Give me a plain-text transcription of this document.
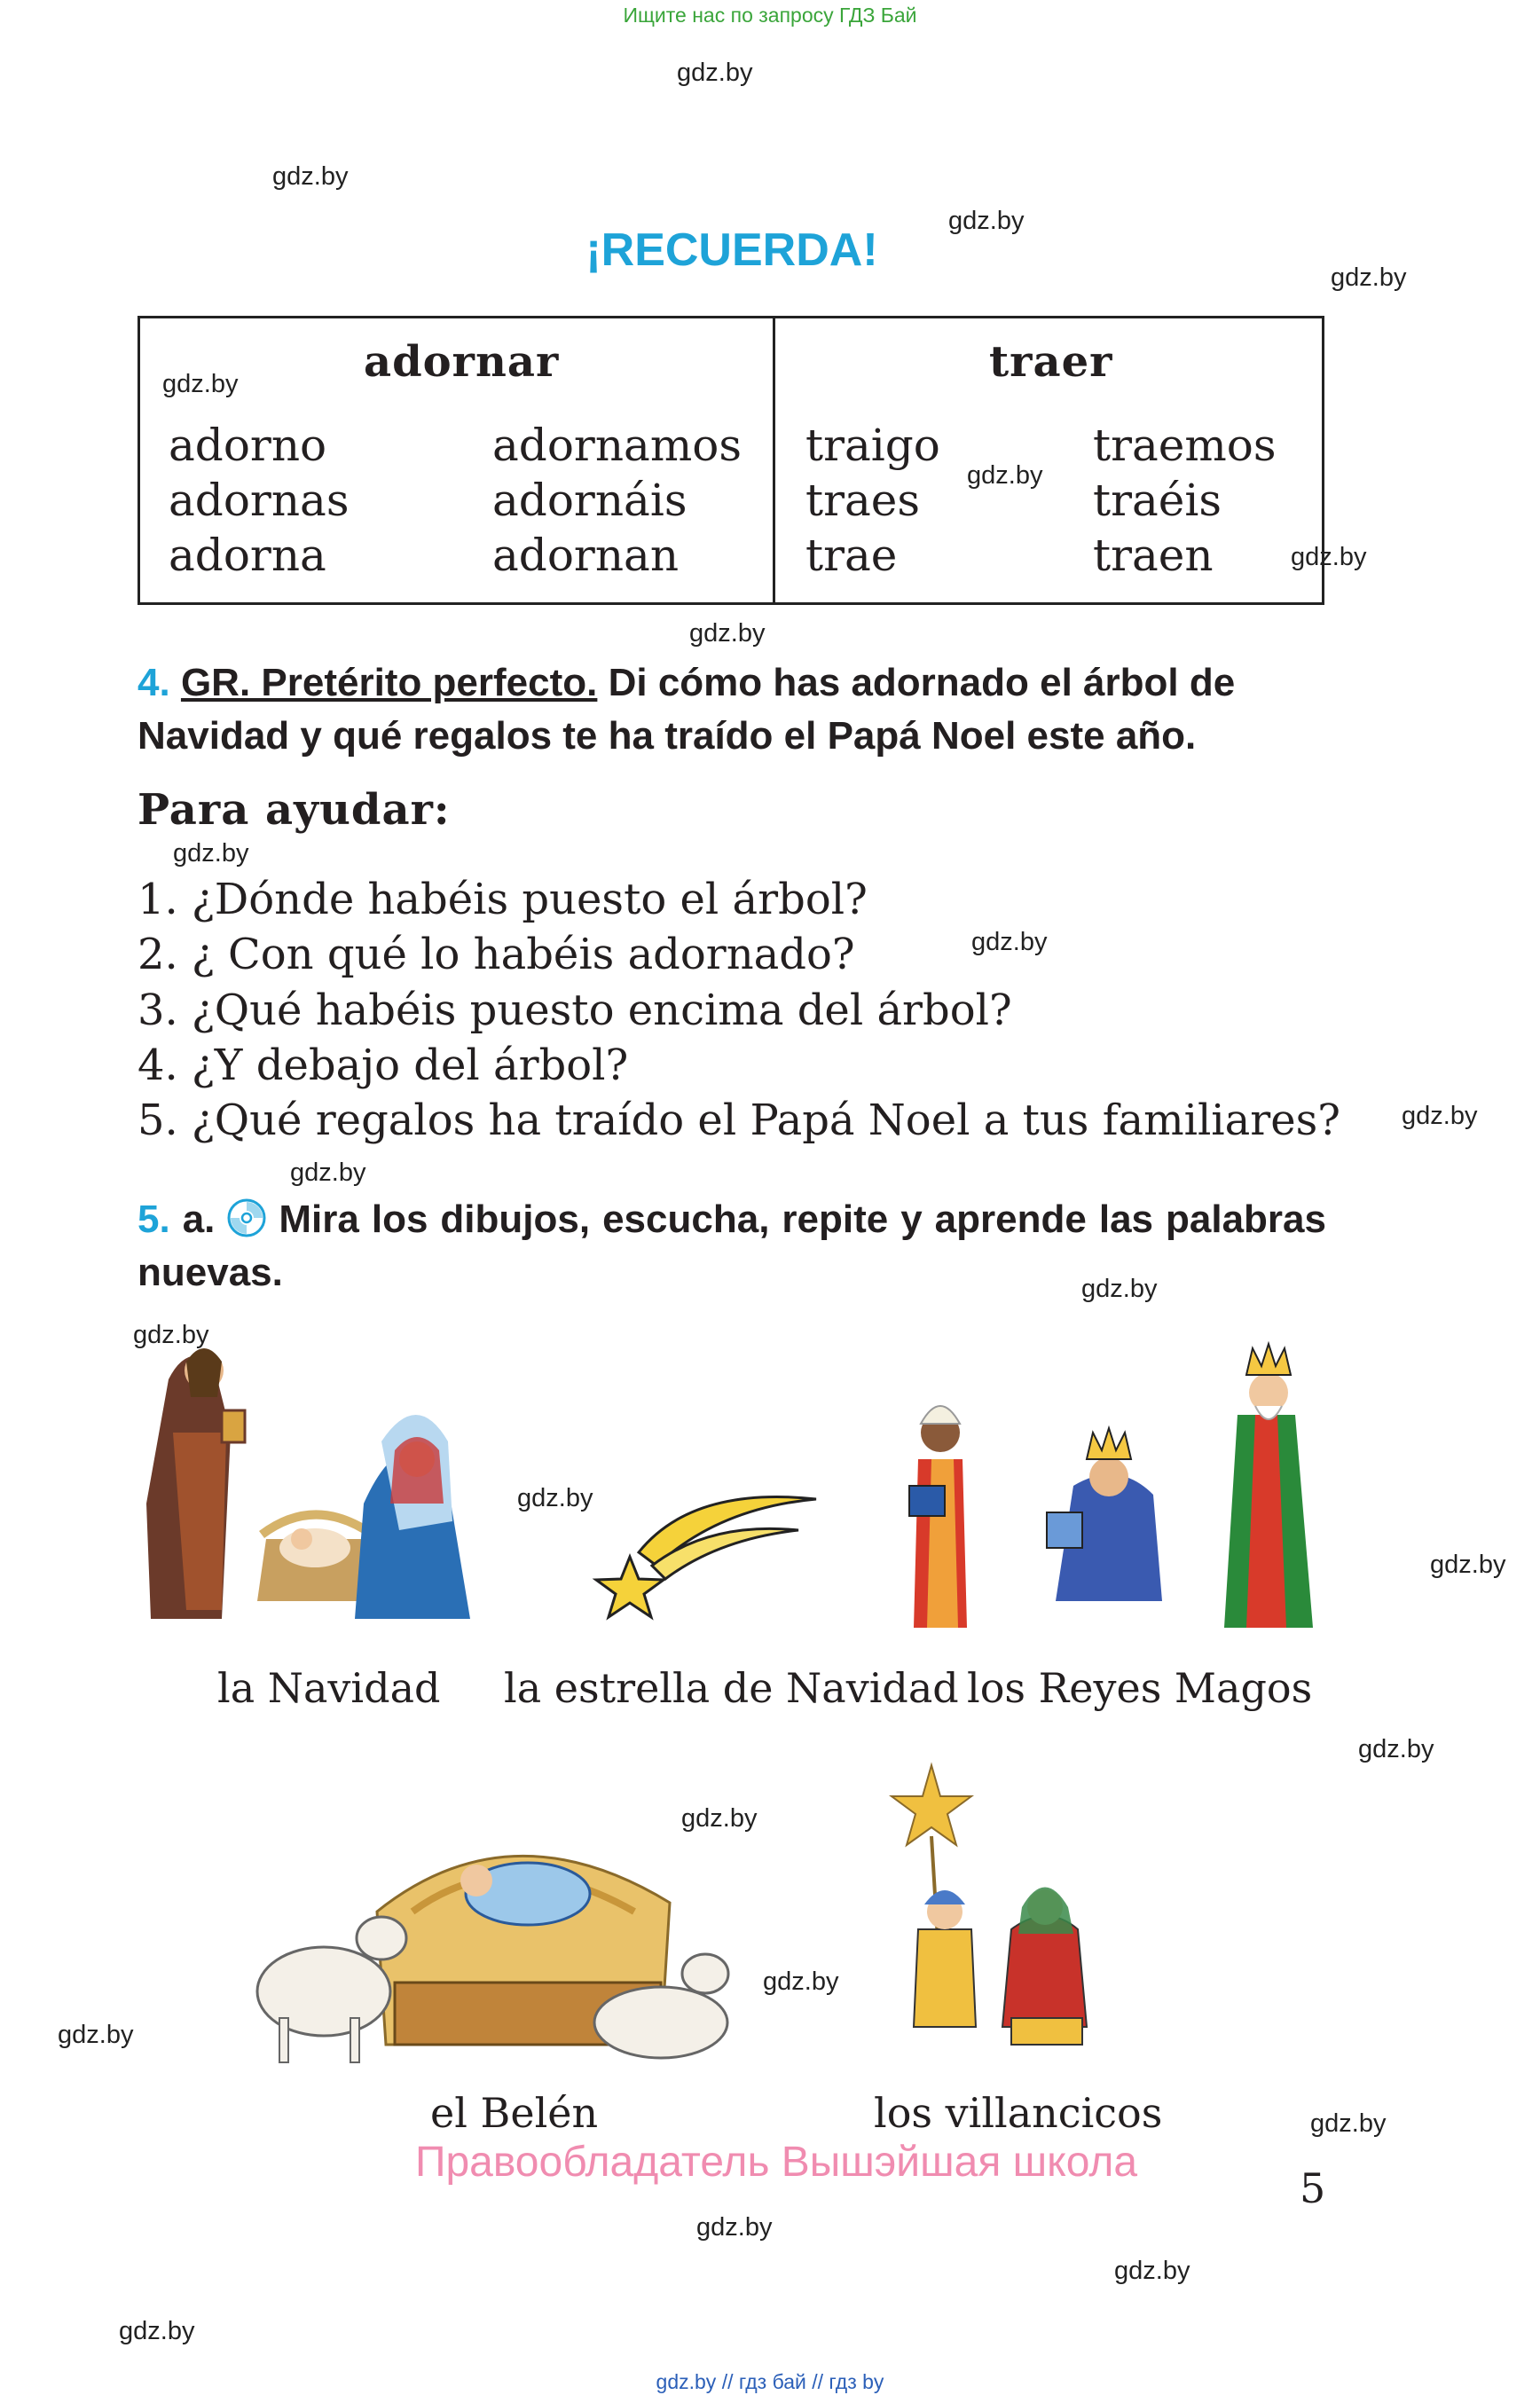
Ищите нас по запросу ГДЗ Бай
gdz.by
gdz.by
gdz.by
gdz.by
gdz.by
gdz.by
gdz.by
gdz.by
gdz.by
gdz.by
gdz.by
gdz.by
gdz.by
gdz.by
gdz.by
gdz.by
gdz.by
gdz.by
gdz.by
gdz.by
gdz.by
gdz.by
gdz.by
gdz.by
¡RECUERDA!
adornar	traer
adorno
adornas
adorna
adornamos
adornáis
adornan
traigo
traes
trae
traemos
traéis
traen
4. GR. Pretérito perfecto. Di cómo has adornado el árbol de Navidad y qué regalos te ha traído el Papá Noel este año.
Para ayudar:
1. ¿Dónde habéis puesto el árbol?
2. ¿ Con qué lo habéis adornado?
3. ¿Qué habéis puesto encima del árbol?
4. ¿Y debajo del árbol?
5. ¿Qué regalos ha traído el Papá Noel a tus familiares?
5. a. Mira los dibujos, escucha, repite y aprende las palabras nuevas.
la Navidad la estrella de Navidad los Reyes Magos
el Belén	los villancicos
Правообладатель Вышэйшая школа
5
gdz.by // гдз бай // гдз by
